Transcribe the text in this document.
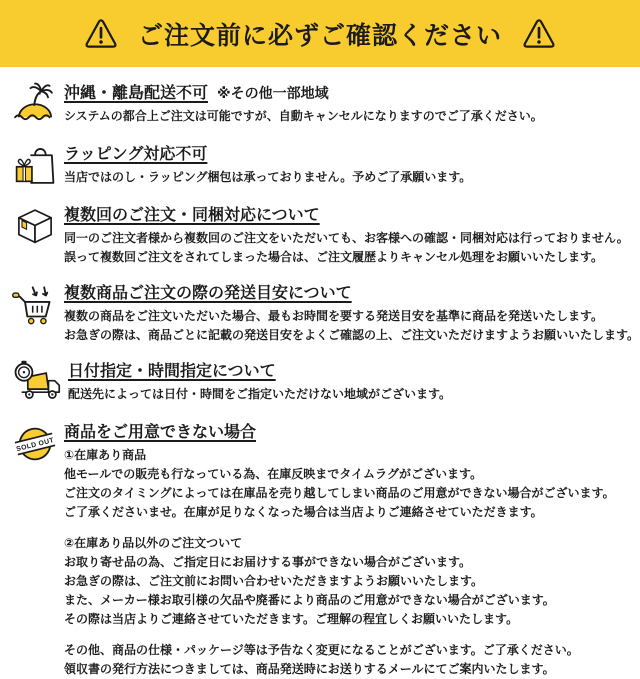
ご注文前に必ずご確認ください
沖縄・離島配送不可 ※その他一部地域
システムの都合上ご注文は可能ですが、自動キャンセルになりますのでご了承ください。
ラッピング対応不可
当店ではのし・ラッピング梱包は承っておりません。予めご了承願います。
複数回のご注文・同梱対応について
同一のご注文者様から複数回のご注文をいただいても、お客様への確認・同梱対応は行っておりません。
誤って複数回ご注文をされてしまった場合は、ご注文履歴よりキャンセル処理をお願いいたします。
複数商品ご注文の際の発送目安について
複数の商品をご注文いただいた場合、最もお時間を要する発送目安を基準に商品を発送いたします。
お急ぎの際は、商品ごとに記載の発送目安をよくご確認の上、ご注文いただけますようお願いいたします。
日付指定・時間指定について
配送先によっては日付・時間をご指定いただけない地域がございます。
SOLD OUT
商品をご用意できない場合
①在庫あり商品
他モールでの販売も行なっている為、在庫反映までタイムラグがございます。
ご注文のタイミングによっては在庫品を売り越してしまい商品のご用意ができない場合がございます。
ご了承くださいませ。在庫が足りなくなった場合は当店よりご連絡させていただきます。
②在庫あり品以外のご注文ついて
お取り寄せ品の為、ご指定日にお届けする事ができない場合がございます。
お急ぎの際は、ご注文前にお問い合わせいただきますようお願いいたします。
また、メーカー様お取引様の欠品や廃番により商品のご用意ができない場合がございます。
その際は当店よりご連絡させていただきます。ご理解の程宜しくお願いいたします。
その他、商品の仕様・パッケージ等は予告なく変更になることがございます。ご了承ください。
領収書の発行方法につきましては、商品発送時にお送りするメールにてご案内いたします。
